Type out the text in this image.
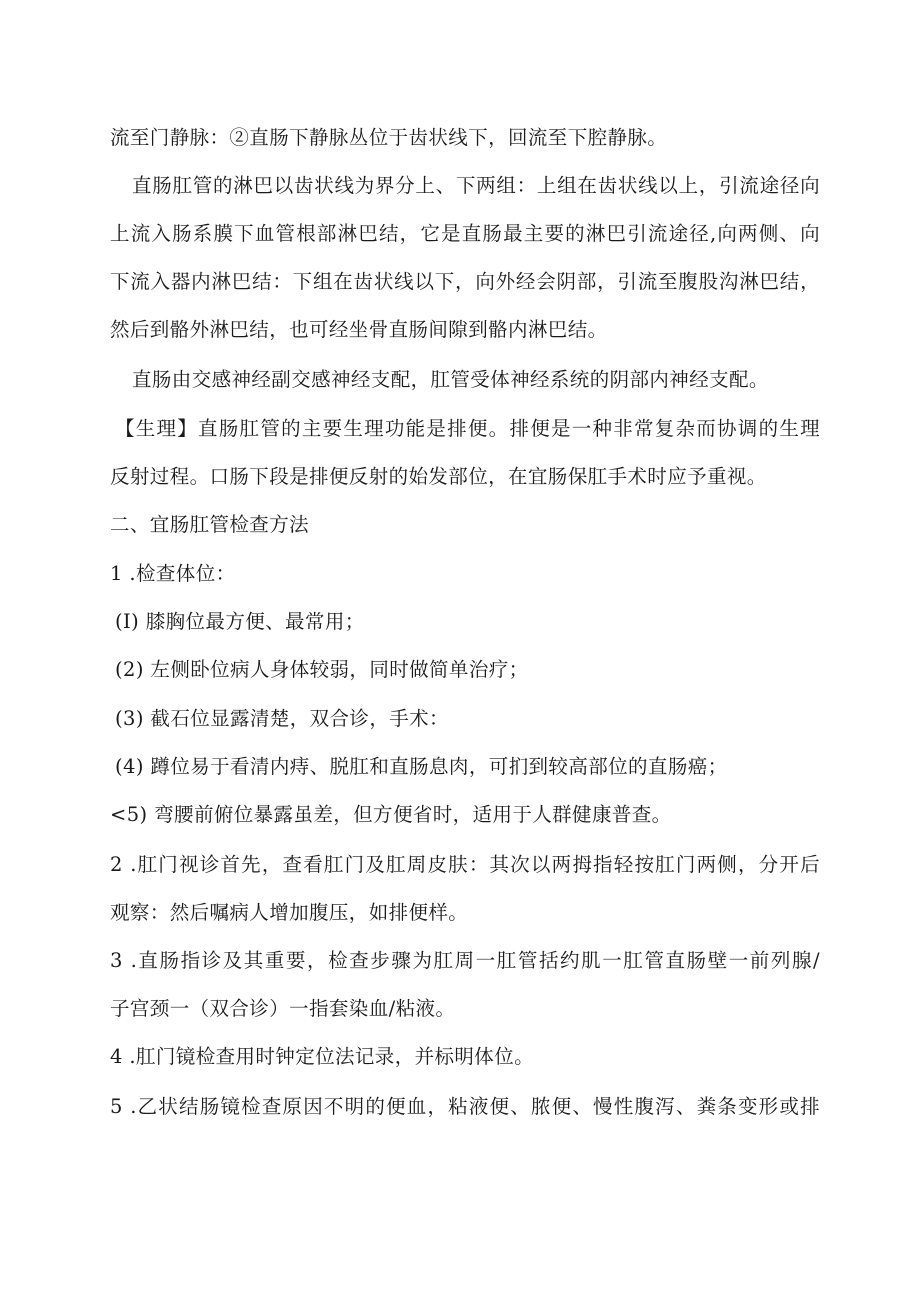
流至门静脉：②直肠下静脉丛位于齿状线下，回流至下腔静脉。
直肠肛管的淋巴以齿状线为界分上、下两组：上组在齿状线以上，引流途径向
上流入肠系膜下血管根部淋巴结，它是直肠最主要的淋巴引流途径,向两侧、向
下流入器内淋巴结：下组在齿状线以下，向外经会阴部，引流至腹股沟淋巴结，
然后到骼外淋巴结，也可经坐骨直肠间隙到骼内淋巴结。
直肠由交感神经副交感神经支配，肛管受体神经系统的阴部内神经支配。
【生理】直肠肛管的主要生理功能是排便。排便是一种非常复杂而协调的生理
反射过程。口肠下段是排便反射的始发部位，在宜肠保肛手术时应予重视。
二、宜肠肛管检查方法
1 .检查体位：
(I) 膝胸位最方便、最常用；
(2) 左侧卧位病人身体较弱，同时做简单治疗；
(3) 截石位显露清楚，双合诊，手术：
(4) 蹲位易于看清内痔、脱肛和直肠息肉，可扪到较高部位的直肠癌；
<5) 弯腰前俯位暴露虽差，但方便省时，适用于人群健康普查。
2 .肛门视诊首先，查看肛门及肛周皮肤：其次以两拇指轻按肛门两侧，分开后
观察：然后嘱病人增加腹压，如排便样。
3 .直肠指诊及其重要，检查步骤为肛周一肛管括约肌一肛管直肠壁一前列腺/
子宫颈一（双合诊）一指套染血/粘液。
4 .肛门镜检查用时钟定位法记录，并标明体位。
5 .乙状结肠镜检查原因不明的便血，粘液便、脓便、慢性腹泻、粪条变形或排
